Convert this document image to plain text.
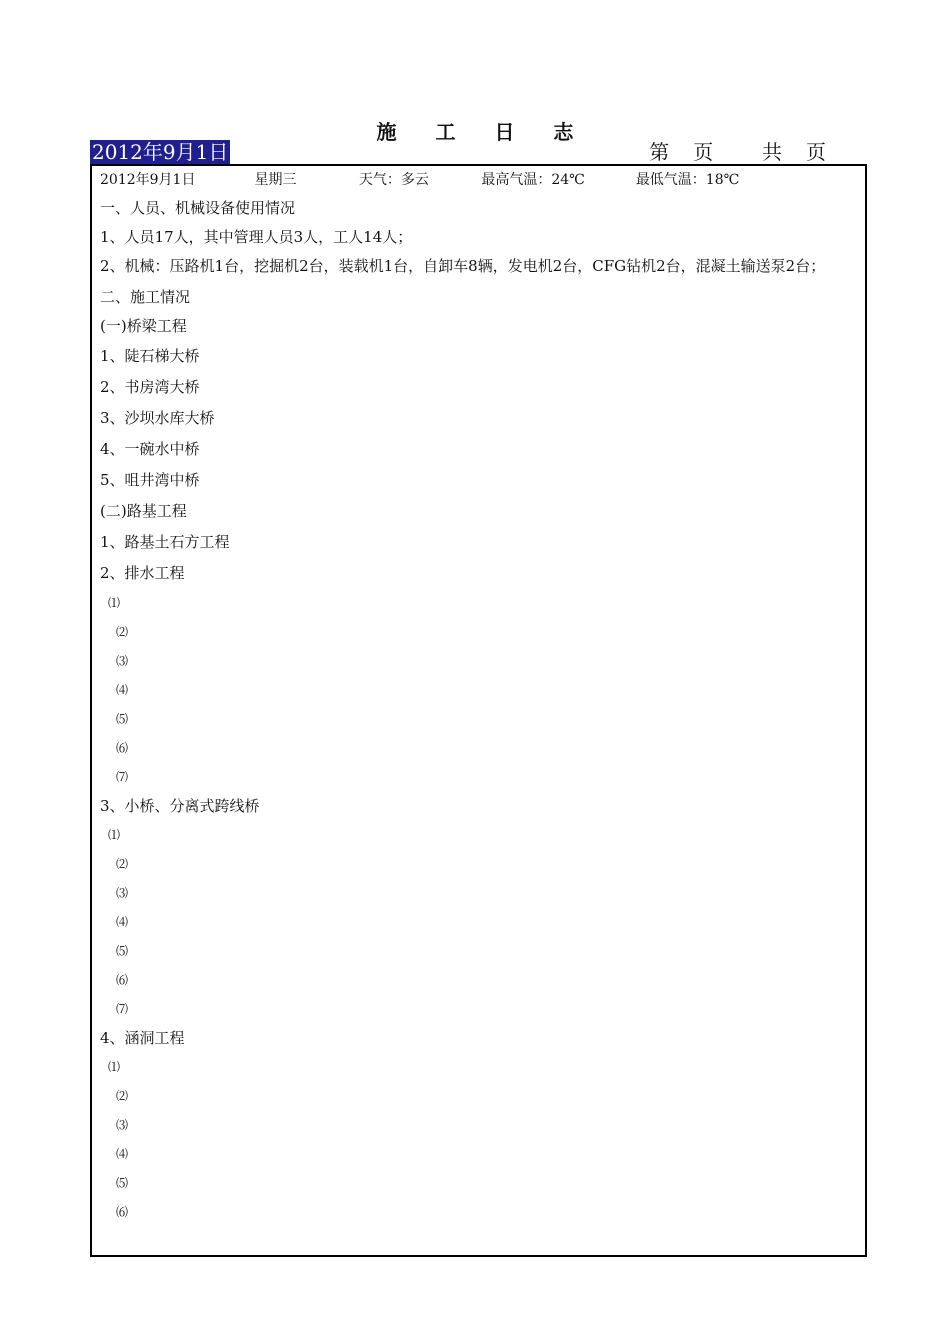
施 工 日 志
2012年9月1日	第　页 共　页
2012年9月1日	星期三	天气：多云	最高气温：24℃	最低气温：18℃
一、人员、机械设备使用情况
1、人员17人，其中管理人员3人，工人14人；
2、机械：压路机1台，挖掘机2台，装载机1台，自卸车8辆，发电机2台，CFG钻机2台，混凝土输送泵2台；
二、施工情况
(一)桥梁工程
1、陡石梯大桥
2、书房湾大桥
3、沙坝水库大桥
4、一碗水中桥
5、咀井湾中桥
(二)路基工程
1、路基土石方工程
2、排水工程
⑴
⑵
⑶
⑷
⑸
⑹
⑺
3、小桥、分离式跨线桥
⑴
⑵
⑶
⑷
⑸
⑹
⑺
4、涵洞工程
⑴
⑵
⑶
⑷
⑸
⑹
